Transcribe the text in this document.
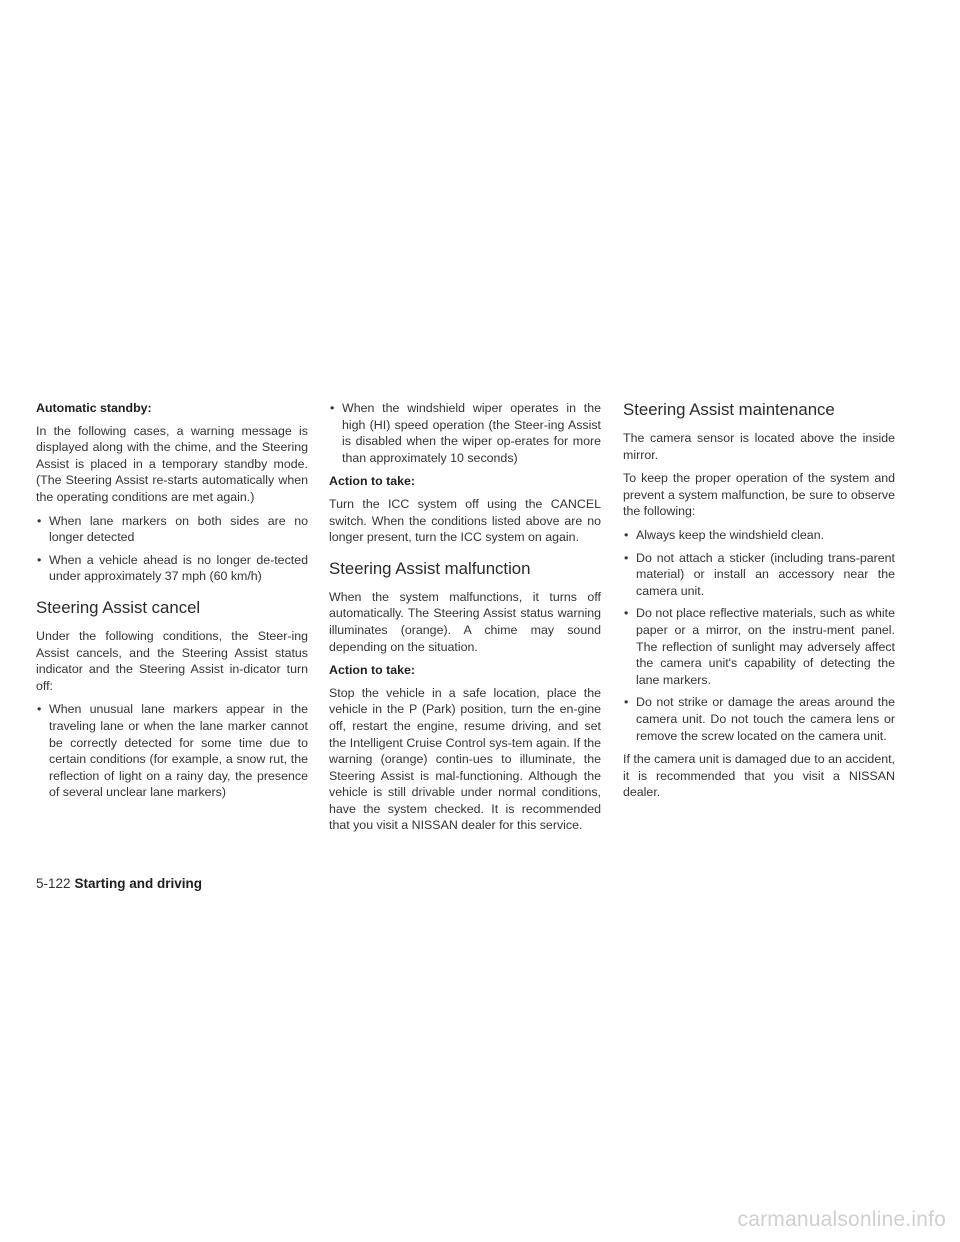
Automatic standby:

In the following cases, a warning message is displayed along with the chime, and the Steering Assist is placed in a temporary standby mode. (The Steering Assist re-starts automatically when the operating conditions are met again.)

• When lane markers on both sides are no longer detected
• When a vehicle ahead is no longer de-tected under approximately 37 mph (60 km/h)
Steering Assist cancel

Under the following conditions, the Steer-ing Assist cancels, and the Steering Assist status indicator and the Steering Assist in-dicator turn off:

• When unusual lane markers appear in the traveling lane or when the lane marker cannot be correctly detected for some time due to certain conditions (for example, a snow rut, the reflection of light on a rainy day, the presence of several unclear lane markers)
• When the windshield wiper operates in the high (HI) speed operation (the Steer-ing Assist is disabled when the wiper op-erates for more than approximately 10 seconds)

Action to take:

Turn the ICC system off using the CANCEL switch. When the conditions listed above are no longer present, turn the ICC system on again.

Steering Assist malfunction

When the system malfunctions, it turns off automatically. The Steering Assist status warning illuminates (orange). A chime may sound depending on the situation.

Action to take:

Stop the vehicle in a safe location, place the vehicle in the P (Park) position, turn the en-gine off, restart the engine, resume driving, and set the Intelligent Cruise Control sys-tem again. If the warning (orange) contin-ues to illuminate, the Steering Assist is mal-functioning. Although the vehicle is still drivable under normal conditions, have the system checked. It is recommended that you visit a NISSAN dealer for this service.

Steering Assist maintenance

The camera sensor is located above the inside mirror.

To keep the proper operation of the system and prevent a system malfunction, be sure to observe the following:

• Always keep the windshield clean.
• Do not attach a sticker (including trans-parent material) or install an accessory near the camera unit.
• Do not place reflective materials, such as white paper or a mirror, on the instru-ment panel. The reflection of sunlight may adversely affect the camera unit's capability of detecting the lane markers.
• Do not strike or damage the areas around the camera unit. Do not touch the camera lens or remove the screw located on the camera unit.

If the camera unit is damaged due to an accident, it is recommended that you visit a NISSAN dealer.

5-122 Starting and driving
carmanualsonline.info
